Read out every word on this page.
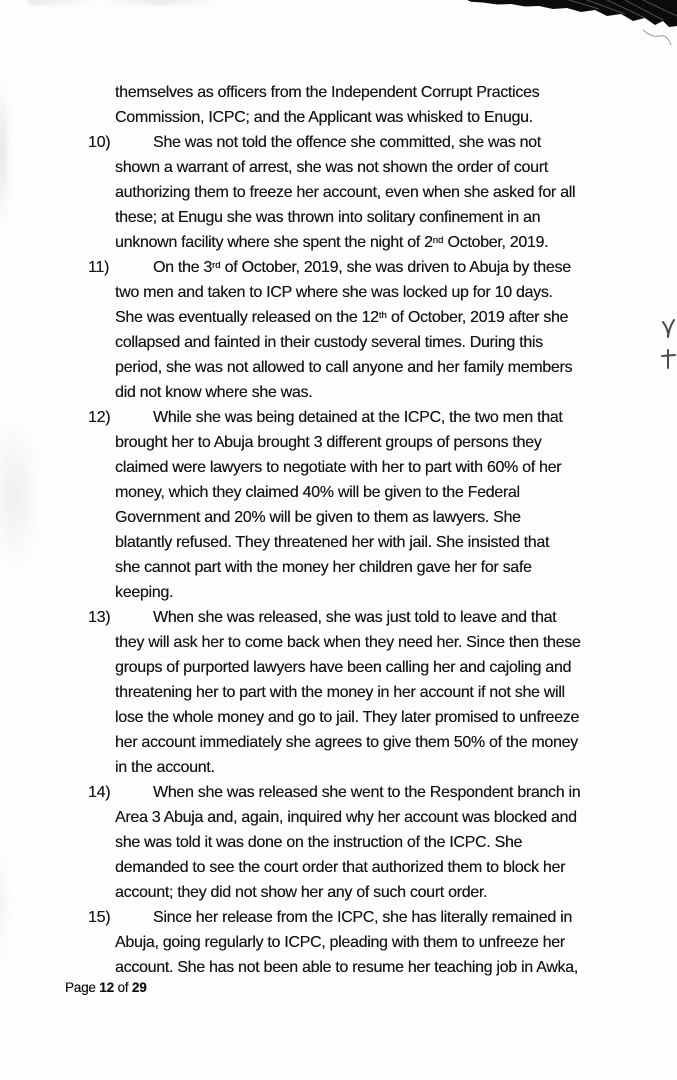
themselves as officers from the Independent Corrupt Practices
Commission, ICPC; and the Applicant was whisked to Enugu.
10)	She was not told the offence she committed, she was not
shown a warrant of arrest, she was not shown the order of court
authorizing them to freeze her account, even when she asked for all
these; at Enugu she was thrown into solitary confinement in an
unknown facility where she spent the night of 2nd October, 2019.
11)	On the 3rd of October, 2019, she was driven to Abuja by these
two men and taken to ICP where she was locked up for 10 days.
She was eventually released on the 12th of October, 2019 after she
collapsed and fainted in their custody several times. During this
period, she was not allowed to call anyone and her family members
did not know where she was.
12)	While she was being detained at the ICPC, the two men that
brought her to Abuja brought 3 different groups of persons they
claimed were lawyers to negotiate with her to part with 60% of her
money, which they claimed 40% will be given to the Federal
Government and 20% will be given to them as lawyers. She
blatantly refused. They threatened her with jail. She insisted that
she cannot part with the money her children gave her for safe
keeping.
13)	When she was released, she was just told to leave and that
they will ask her to come back when they need her. Since then these
groups of purported lawyers have been calling her and cajoling and
threatening her to part with the money in her account if not she will
lose the whole money and go to jail. They later promised to unfreeze
her account immediately she agrees to give them 50% of the money
in the account.
14)	When she was released she went to the Respondent branch in
Area 3 Abuja and, again, inquired why her account was blocked and
she was told it was done on the instruction of the ICPC. She
demanded to see the court order that authorized them to block her
account; they did not show her any of such court order.
15)	Since her release from the ICPC, she has literally remained in
Abuja, going regularly to ICPC, pleading with them to unfreeze her
account. She has not been able to resume her teaching job in Awka,
Page 12 of 29
